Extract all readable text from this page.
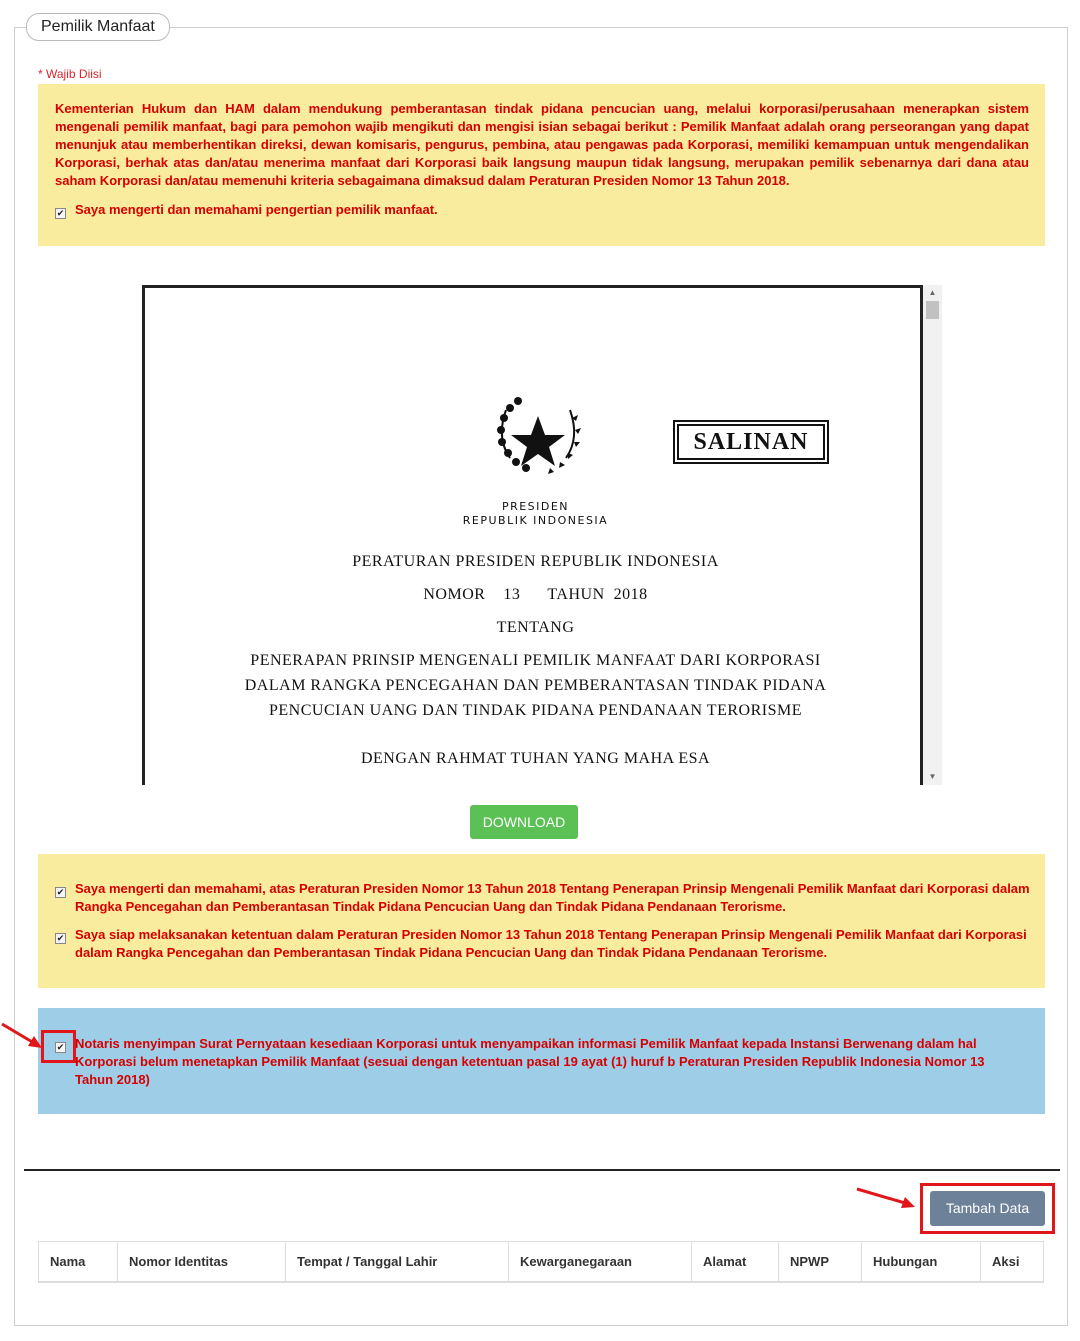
Pemilik Manfaat
* Wajib Diisi
Kementerian Hukum dan HAM dalam mendukung pemberantasan tindak pidana pencucian uang, melalui korporasi/perusahaan menerapkan sistem mengenali pemilik manfaat, bagi para pemohon wajib mengikuti dan mengisi isian sebagai berikut : Pemilik Manfaat adalah orang perseorangan yang dapat menunjuk atau memberhentikan direksi, dewan komisaris, pengurus, pembina, atau pengawas pada Korporasi, memiliki kemampuan untuk mengendalikan Korporasi, berhak atas dan/atau menerima manfaat dari Korporasi baik langsung maupun tidak langsung, merupakan pemilik sebenarnya dari dana atau saham Korporasi dan/atau memenuhi kriteria sebagaimana dimaksud dalam Peraturan Presiden Nomor 13 Tahun 2018.
✔ Saya mengerti dan memahami pengertian pemilik manfaat.
SALINAN
PRESIDEN
REPUBLIK INDONESIA
PERATURAN PRESIDEN REPUBLIK INDONESIA
NOMOR 13 TAHUN 2018
TENTANG
PENERAPAN PRINSIP MENGENALI PEMILIK MANFAAT DARI KORPORASI
DALAM RANGKA PENCEGAHAN DAN PEMBERANTASAN TINDAK PIDANA
PENCUCIAN UANG DAN TINDAK PIDANA PENDANAAN TERORISME
DENGAN RAHMAT TUHAN YANG MAHA ESA
▲
▼
DOWNLOAD
✔ Saya mengerti dan memahami, atas Peraturan Presiden Nomor 13 Tahun 2018 Tentang Penerapan Prinsip Mengenali Pemilik Manfaat dari Korporasi dalam Rangka Pencegahan dan Pemberantasan Tindak Pidana Pencucian Uang dan Tindak Pidana Pendanaan Terorisme.
✔ Saya siap melaksanakan ketentuan dalam Peraturan Presiden Nomor 13 Tahun 2018 Tentang Penerapan Prinsip Mengenali Pemilik Manfaat dari Korporasi dalam Rangka Pencegahan dan Pemberantasan Tindak Pidana Pencucian Uang dan Tindak Pidana Pendanaan Terorisme.
✔ Notaris menyimpan Surat Pernyataan kesediaan Korporasi untuk menyampaikan informasi Pemilik Manfaat kepada Instansi Berwenang dalam hal Korporasi belum menetapkan Pemilik Manfaat (sesuai dengan ketentuan pasal 19 ayat (1) huruf b Peraturan Presiden Republik Indonesia Nomor 13 Tahun 2018)
Tambah Data
Nama	Nomor Identitas	Tempat / Tanggal Lahir	Kewarganegaraan	Alamat	NPWP	Hubungan	Aksi
